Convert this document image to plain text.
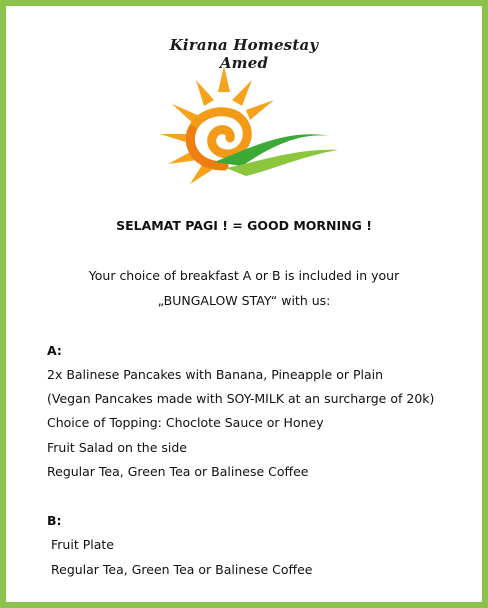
Kirana Homestay Amed
SELAMAT PAGI ! = GOOD MORNING !
Your choice of breakfast A or B is included in your
„BUNGALOW STAY“ with us:
A:
2x Balinese Pancakes with Banana, Pineapple or Plain
(Vegan Pancakes made with SOY-MILK at an surcharge of 20k)
Choice of Topping: Choclote Sauce or Honey
Fruit Salad on the side
Regular Tea, Green Tea or Balinese Coffee
B:
Fruit Plate
Regular Tea, Green Tea or Balinese Coffee
